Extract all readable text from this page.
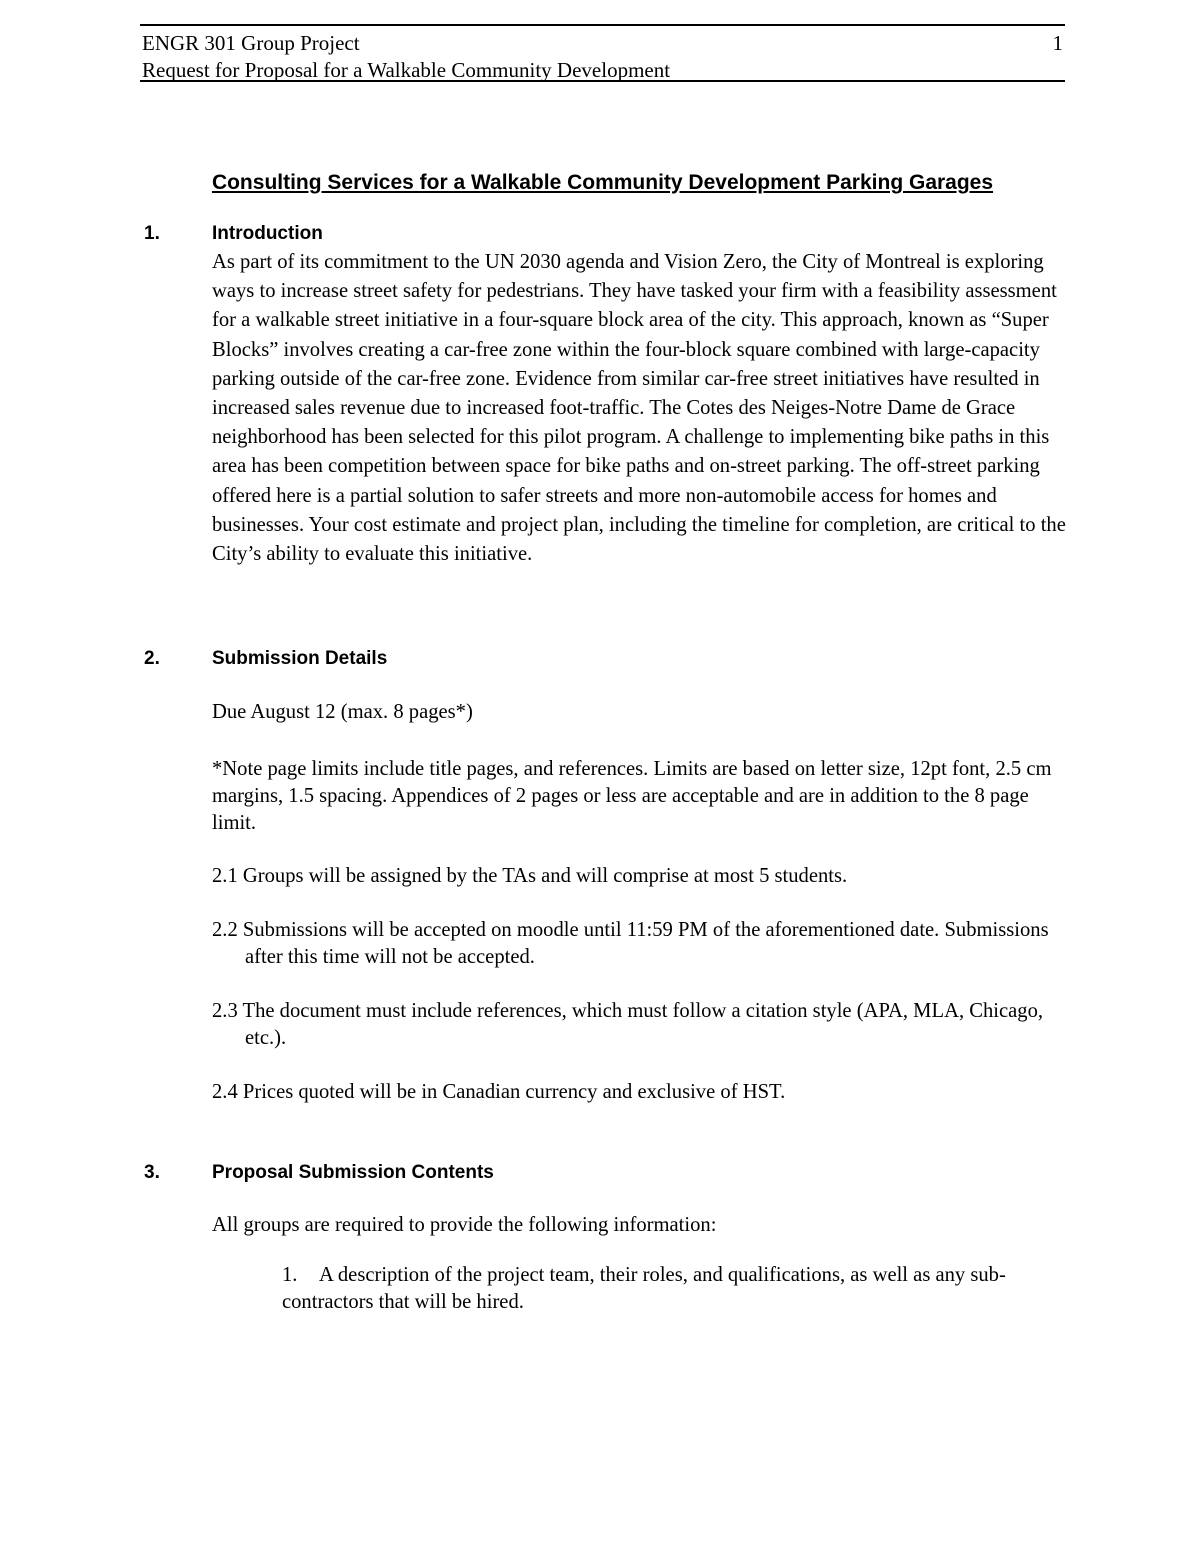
ENGR 301 Group Project	1
Request for Proposal for a Walkable Community Development
Consulting Services for a Walkable Community Development Parking Garages
1.	Introduction
As part of its commitment to the UN 2030 agenda and Vision Zero, the City of Montreal is exploring ways to increase street safety for pedestrians. They have tasked your firm with a feasibility assessment for a walkable street initiative in a four-square block area of the city. This approach, known as “Super Blocks” involves creating a car-free zone within the four-block square combined with large-capacity parking outside of the car-free zone. Evidence from similar car-free street initiatives have resulted in increased sales revenue due to increased foot-traffic. The Cotes des Neiges-Notre Dame de Grace neighborhood has been selected for this pilot program. A challenge to implementing bike paths in this area has been competition between space for bike paths and on-street parking. The off-street parking offered here is a partial solution to safer streets and more non-automobile access for homes and businesses. Your cost estimate and project plan, including the timeline for completion, are critical to the City’s ability to evaluate this initiative.
2.	Submission Details
Due August 12 (max. 8 pages*)
*Note page limits include title pages, and references. Limits are based on letter size, 12pt font, 2.5 cm margins, 1.5 spacing. Appendices of 2 pages or less are acceptable and are in addition to the 8 page limit.
2.1 Groups will be assigned by the TAs and will comprise at most 5 students.
2.2 Submissions will be accepted on moodle until 11:59 PM of the aforementioned date. Submissions after this time will not be accepted.
2.3 The document must include references, which must follow a citation style (APA, MLA, Chicago, etc.).
2.4 Prices quoted will be in Canadian currency and exclusive of HST.
3.	Proposal Submission Contents
All groups are required to provide the following information:
1. A description of the project team, their roles, and qualifications, as well as any sub-contractors that will be hired.
